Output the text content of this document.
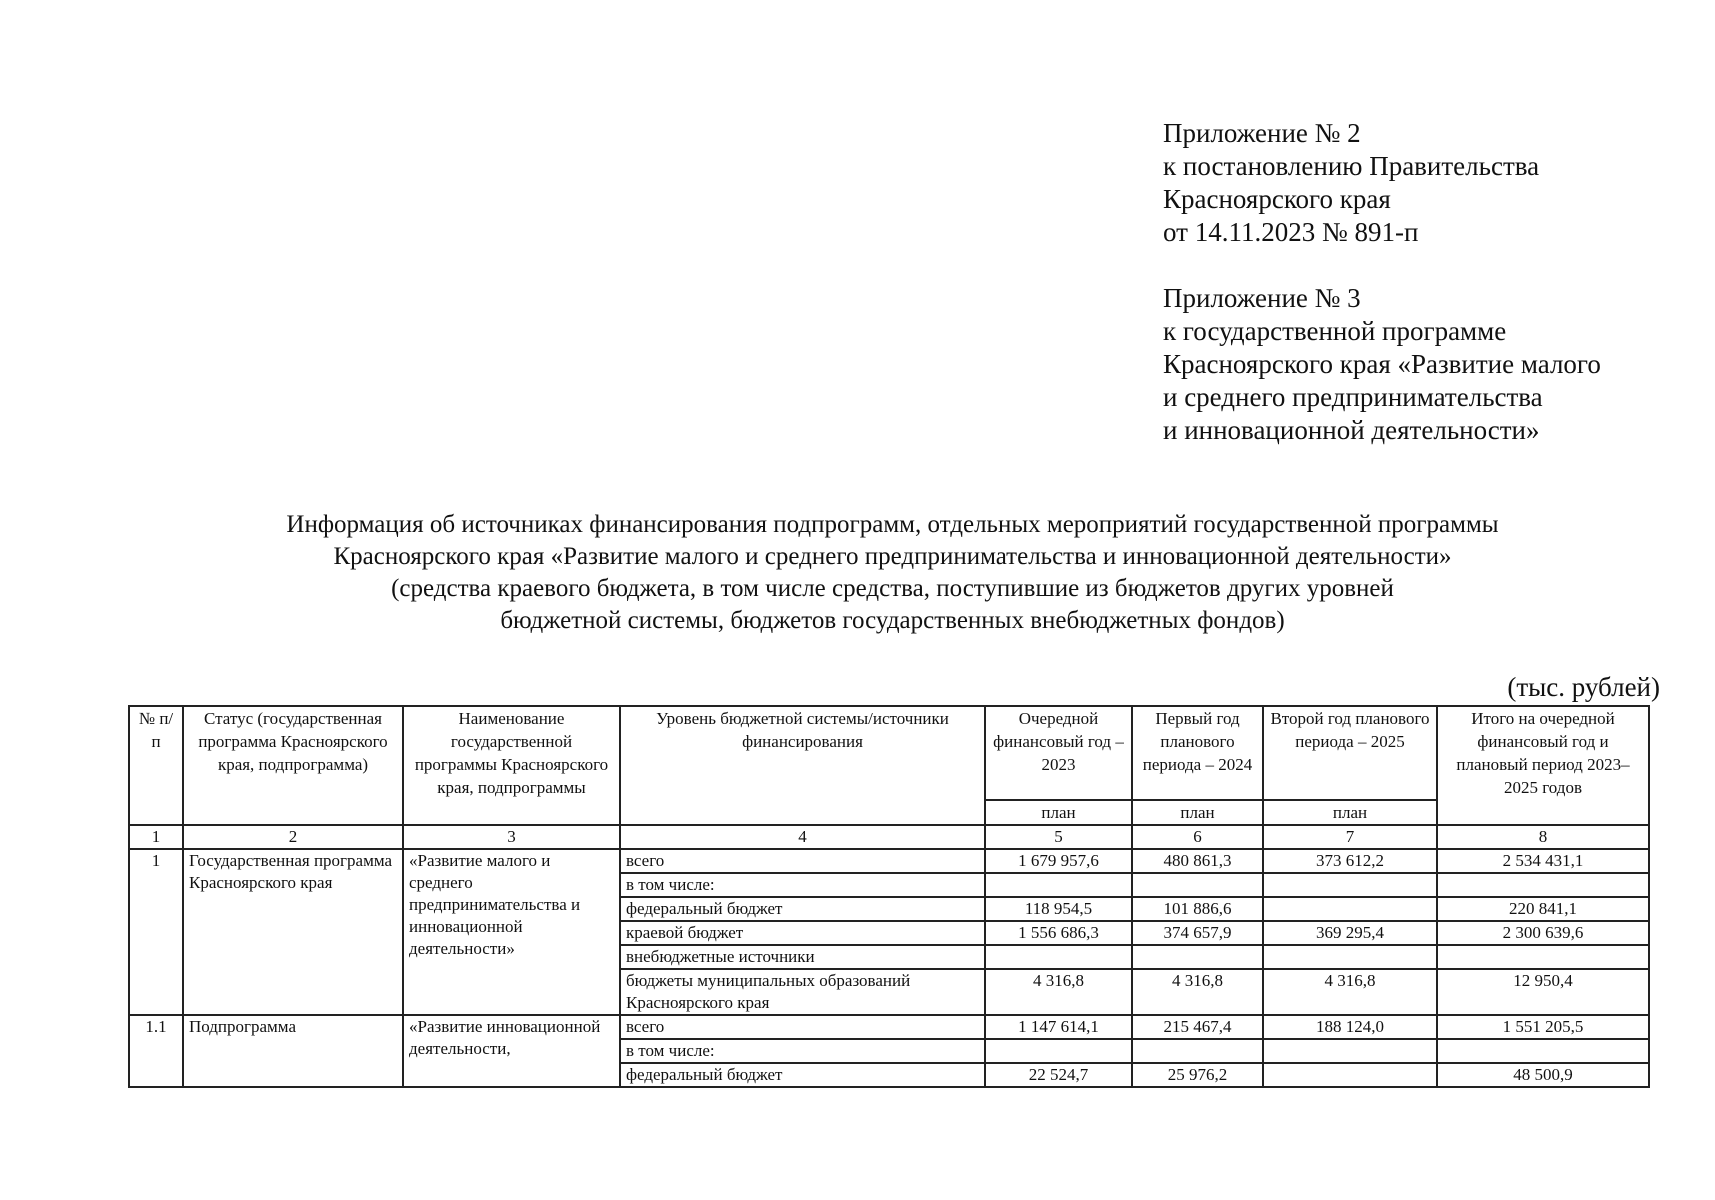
Приложение № 2
к постановлению Правительства
Красноярского края
от 14.11.2023 № 891-п
Приложение № 3
к государственной программе
Красноярского края «Развитие малого
и среднего предпринимательства
и инновационной деятельности»
Информация об источниках финансирования подпрограмм, отдельных мероприятий государственной программы
Красноярского края «Развитие малого и среднего предпринимательства и инновационной деятельности»
(средства краевого бюджета, в том числе средства, поступившие из бюджетов других уровней
бюджетной системы, бюджетов государственных внебюджетных фондов)
(тыс. рублей)
№ п/п	Статус (государственная программа Красноярского края, подпрограмма)	Наименование государственной программы Красноярского края, подпрограммы	Уровень бюджетной системы/источники финансирования	Очередной финансовый год – 2023	Первый год планового периода – 2024	Второй год планового периода – 2025	Итого на очередной финансовый год и плановый период 2023–2025 годов
				план	план	план	
1	2	3	4	5	6	7	8
1	Государственная программа Красноярского края	«Развитие малого и среднего предпринимательства и инновационной деятельности»	всего	1 679 957,6	480 861,3	373 612,2	2 534 431,1
			в том числе:				
			федеральный бюджет	118 954,5	101 886,6		220 841,1
			краевой бюджет	1 556 686,3	374 657,9	369 295,4	2 300 639,6
			внебюджетные источники				
			бюджеты муниципальных образований Красноярского края	4 316,8	4 316,8	4 316,8	12 950,4
1.1	Подпрограмма	«Развитие инновационной деятельности,	всего	1 147 614,1	215 467,4	188 124,0	1 551 205,5
			в том числе:				
			федеральный бюджет	22 524,7	25 976,2		48 500,9
